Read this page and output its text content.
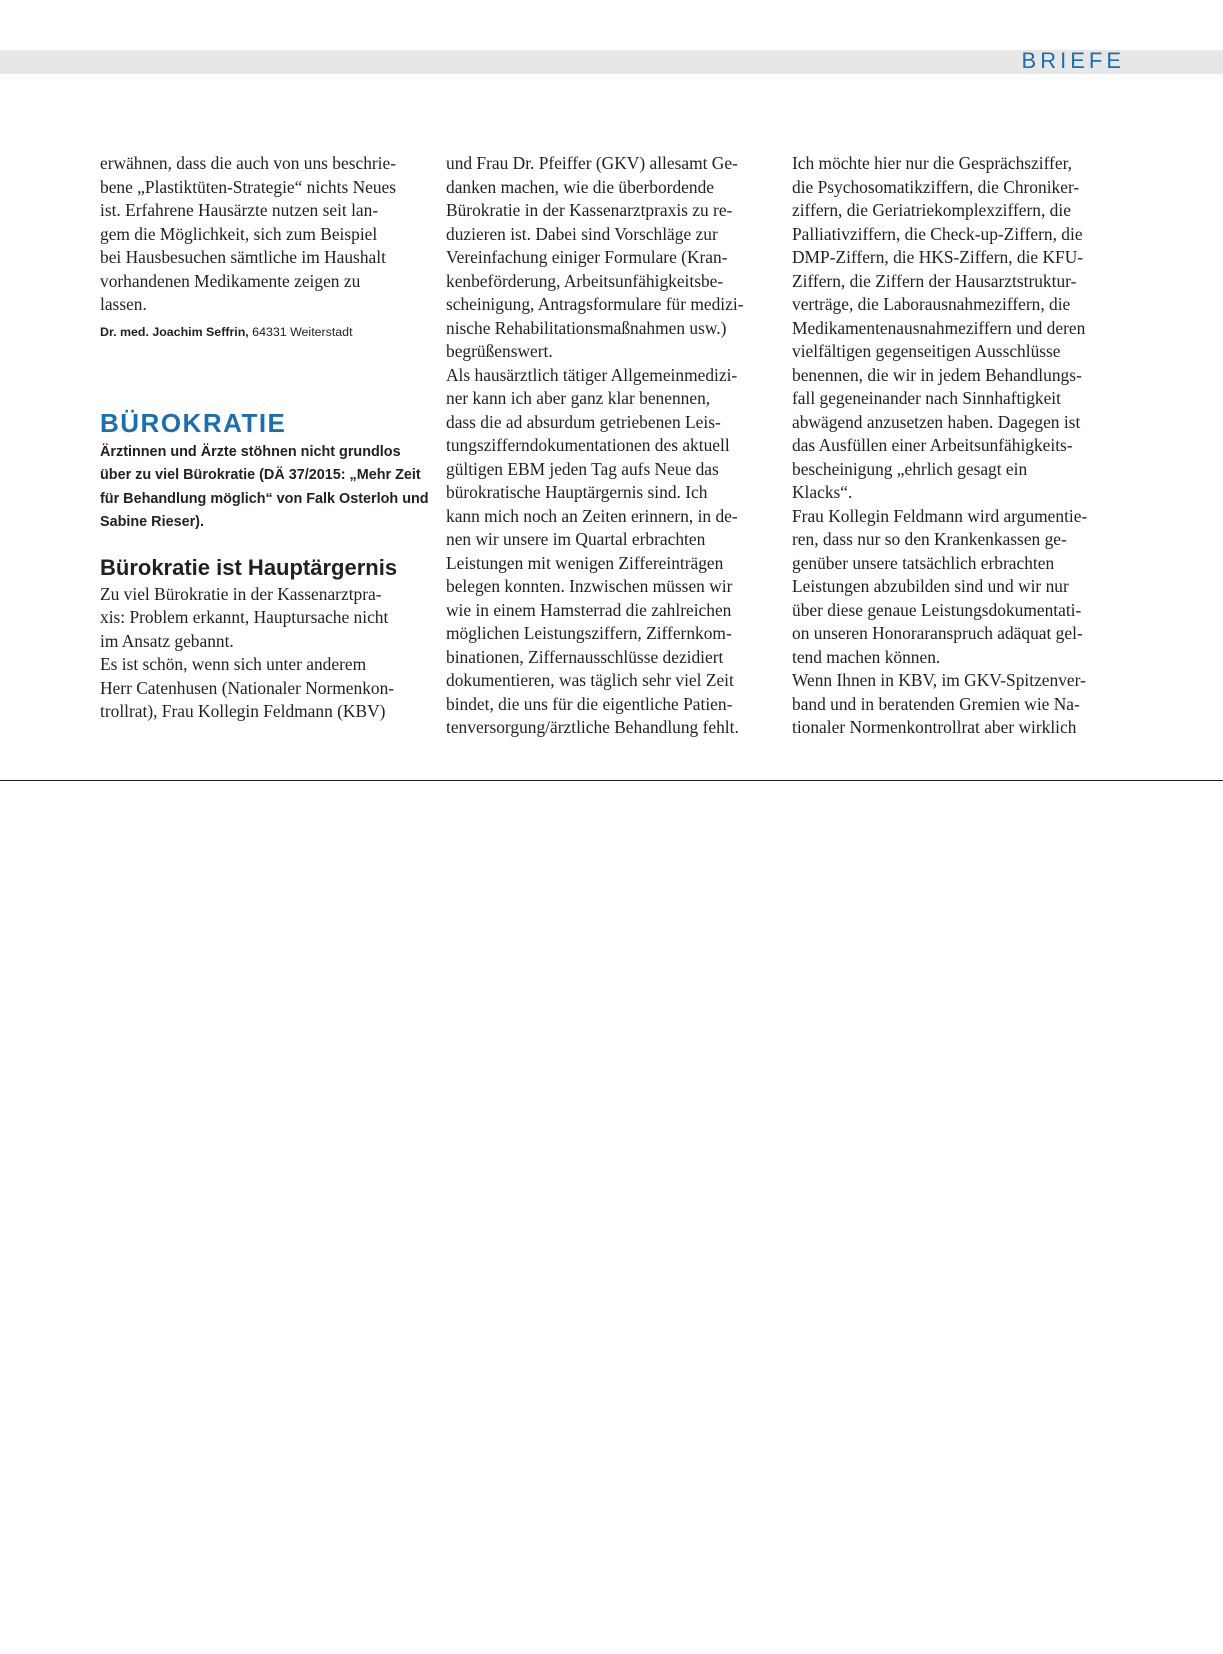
BRIEFE

erwähnen, dass die auch von uns beschrie-
bene „Plastiktüten-Strategie“ nichts Neues
ist. Erfahrene Hausärzte nutzen seit lan-
gem die Möglichkeit, sich zum Beispiel
bei Hausbesuchen sämtliche im Haushalt
vorhandenen Medikamente zeigen zu
lassen.

Dr. med. Joachim Seffrin, 64331 Weiterstadt

BÜROKRATIE

Ärztinnen und Ärzte stöhnen nicht grundlos
über zu viel Bürokratie (DÄ 37/2015: „Mehr Zeit
für Behandlung möglich“ von Falk Osterloh und
Sabine Rieser).

Bürokratie ist Hauptärgernis

Zu viel Bürokratie in der Kassenarztpra-
xis: Problem erkannt, Hauptursache nicht
im Ansatz gebannt.
Es ist schön, wenn sich unter anderem
Herr Catenhusen (Nationaler Normenkon-
trollrat), Frau Kollegin Feldmann (KBV)

und Frau Dr. Pfeiffer (GKV) allesamt Ge-
danken machen, wie die überbordende
Bürokratie in der Kassenarztpraxis zu re-
duzieren ist. Dabei sind Vorschläge zur
Vereinfachung einiger Formulare (Kran-
kenbeförderung, Arbeitsunfähigkeitsbe-
scheinigung, Antragsformulare für medizi-
nische Rehabilitationsmaßnahmen usw.)
begrüßenswert.
Als hausärztlich tätiger Allgemeinmedizi-
ner kann ich aber ganz klar benennen,
dass die ad absurdum getriebenen Leis-
tungszifferndokumentationen des aktuell
gültigen EBM jeden Tag aufs Neue das
bürokratische Hauptärgernis sind. Ich
kann mich noch an Zeiten erinnern, in de-
nen wir unsere im Quartal erbrachten
Leistungen mit wenigen Ziffereinträgen
belegen konnten. Inzwischen müssen wir
wie in einem Hamsterrad die zahlreichen
möglichen Leistungsziffern, Ziffernkom-
binationen, Ziffernausschlüsse dezidiert
dokumentieren, was täglich sehr viel Zeit
bindet, die uns für die eigentliche Patien-
tenversorgung/ärztliche Behandlung fehlt.

Ich möchte hier nur die Gesprächsziffer,
die Psychosomatikziffern, die Chroniker-
ziffern, die Geriatriekomplexziffern, die
Palliativziffern, die Check-up-Ziffern, die
DMP-Ziffern, die HKS-Ziffern, die KFU-
Ziffern, die Ziffern der Hausarztstruktur-
verträge, die Laborausnahmeziffern, die
Medikamentenausnahmeziffern und deren
vielfältigen gegenseitigen Ausschlüsse
benennen, die wir in jedem Behandlungs-
fall gegeneinander nach Sinnhaftigkeit
abwägend anzusetzen haben. Dagegen ist
das Ausfüllen einer Arbeitsunfähigkeits-
bescheinigung „ehrlich gesagt ein
Klacks“.
Frau Kollegin Feldmann wird argumentie-
ren, dass nur so den Krankenkassen ge-
genüber unsere tatsächlich erbrachten
Leistungen abzubilden sind und wir nur
über diese genaue Leistungsdokumentati-
on unseren Honoraranspruch adäquat gel-
tend machen können.
Wenn Ihnen in KBV, im GKV-Spitzenver-
band und in beratenden Gremien wie Na-
tionaler Normenkontrollrat aber wirklich
